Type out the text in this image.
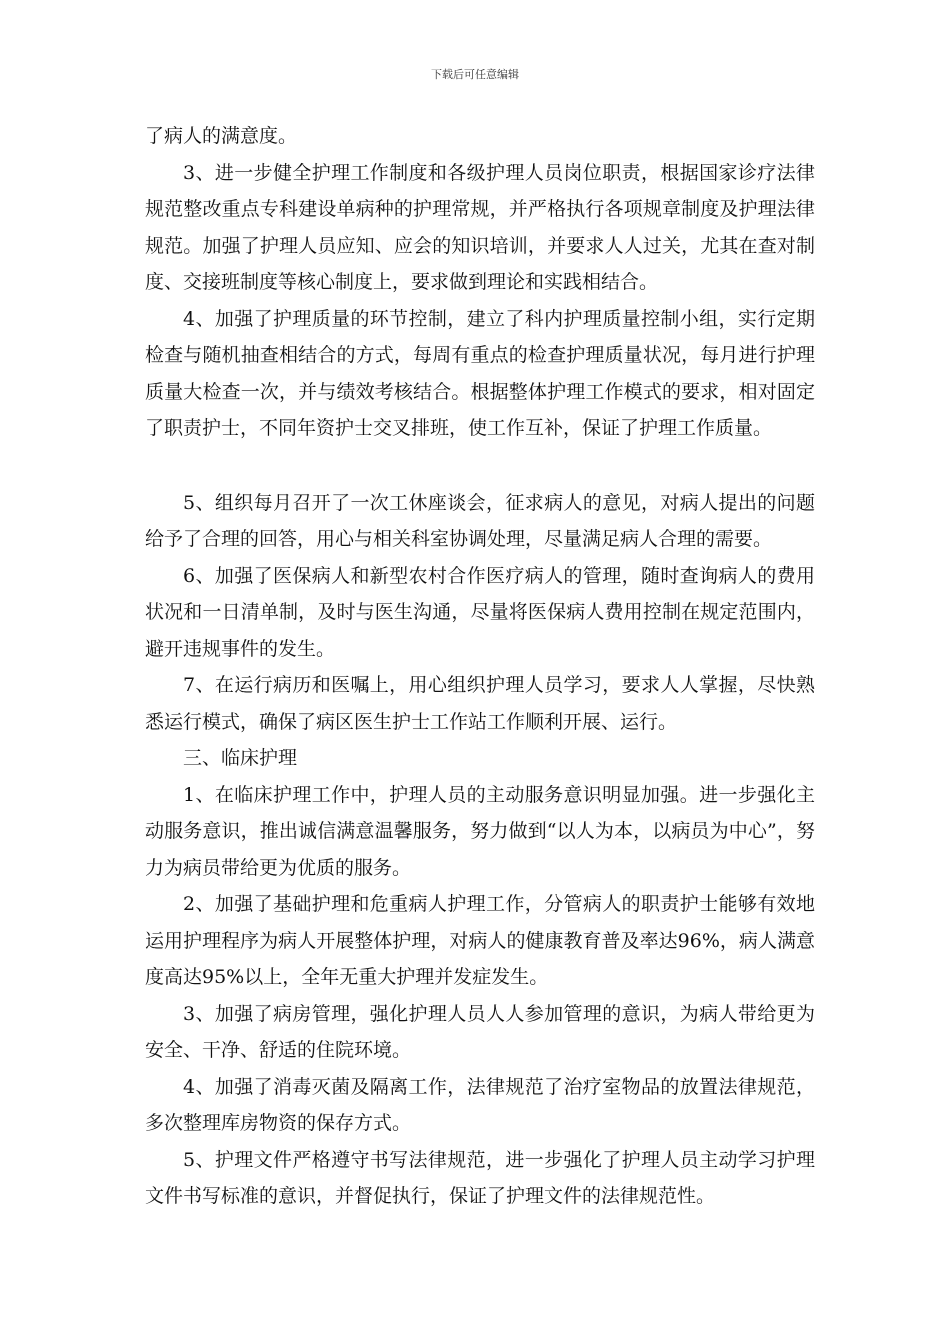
下载后可任意编辑

了病人的满意度。

3、进一步健全护理工作制度和各级护理人员岗位职责，根据国家诊疗法律规范整改重点专科建设单病种的护理常规，并严格执行各项规章制度及护理法律规范。加强了护理人员应知、应会的知识培训，并要求人人过关，尤其在查对制度、交接班制度等核心制度上，要求做到理论和实践相结合。

4、加强了护理质量的环节控制，建立了科内护理质量控制小组，实行定期检查与随机抽查相结合的方式，每周有重点的检查护理质量状况，每月进行护理质量大检查一次，并与绩效考核结合。根据整体护理工作模式的要求，相对固定了职责护士，不同年资护士交叉排班，使工作互补，保证了护理工作质量。

5、组织每月召开了一次工休座谈会，征求病人的意见，对病人提出的问题给予了合理的回答，用心与相关科室协调处理，尽量满足病人合理的需要。

6、加强了医保病人和新型农村合作医疗病人的管理，随时查询病人的费用状况和一日清单制，及时与医生沟通，尽量将医保病人费用控制在规定范围内，避开违规事件的发生。

7、在运行病历和医嘱上，用心组织护理人员学习，要求人人掌握，尽快熟悉运行模式，确保了病区医生护士工作站工作顺利开展、运行。

三、临床护理

1、在临床护理工作中，护理人员的主动服务意识明显加强。进一步强化主动服务意识，推出诚信满意温馨服务，努力做到“以人为本，以病员为中心”，努力为病员带给更为优质的服务。

2、加强了基础护理和危重病人护理工作，分管病人的职责护士能够有效地运用护理程序为病人开展整体护理，对病人的健康教育普及率达96%，病人满意度高达95%以上，全年无重大护理并发症发生。

3、加强了病房管理，强化护理人员人人参加管理的意识，为病人带给更为安全、干净、舒适的住院环境。

4、加强了消毒灭菌及隔离工作，法律规范了治疗室物品的放置法律规范，多次整理库房物资的保存方式。

5、护理文件严格遵守书写法律规范，进一步强化了护理人员主动学习护理文件书写标准的意识，并督促执行，保证了护理文件的法律规范性。
